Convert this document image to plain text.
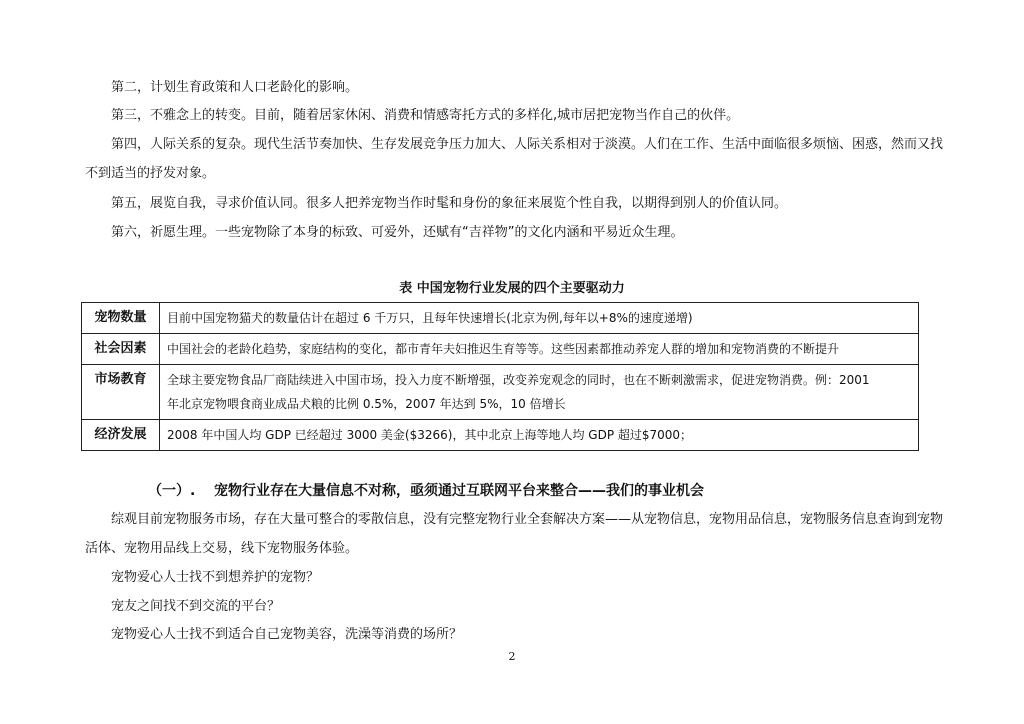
第二，计划生育政策和人口老龄化的影响。
第三，不雅念上的转变。目前，随着居家休闲、消费和情感寄托方式的多样化,城市居把宠物当作自己的伙伴。
第四，人际关系的复杂。现代生活节奏加快、生存发展竞争压力加大、人际关系相对于淡漠。人们在工作、生活中面临很多烦恼、困惑，然而又找
不到适当的抒发对象。
第五，展览自我，寻求价值认同。很多人把养宠物当作时髦和身份的象征来展览个性自我，以期得到别人的价值认同。
第六，祈愿生理。一些宠物除了本身的标致、可爱外，还赋有“吉祥物”的文化内涵和平易近众生理。
表 中国宠物行业发展的四个主要驱动力
宠物数量	目前中国宠物猫犬的数量估计在超过 6 千万只，且每年快速增长(北京为例,每年以+8%的速度递增)

社会因素	中国社会的老龄化趋势，家庭结构的变化，都市青年夫妇推迟生育等等。这些因素都推动养宠人群的增加和宠物消费的不断提升

市场教育	全球主要宠物食品厂商陆续进入中国市场，投入力度不断增强，改变养宠观念的同时，也在不断刺激需求，促进宠物消费。例：2001
年北京宠物喂食商业成品犬粮的比例 0.5%，2007 年达到 5%，10 倍增长

经济发展	2008 年中国人均 GDP 已经超过 3000 美金($3266)，其中北京上海等地人均 GDP 超过$7000；
（一）. 宠物行业存在大量信息不对称，亟须通过互联网平台来整合——我们的事业机会
综观目前宠物服务市场，存在大量可整合的零散信息，没有完整宠物行业全套解决方案——从宠物信息，宠物用品信息，宠物服务信息查询到宠物
活体、宠物用品线上交易，线下宠物服务体验。
宠物爱心人士找不到想养护的宠物？
宠友之间找不到交流的平台？
宠物爱心人士找不到适合自己宠物美容，洗澡等消费的场所？
2
